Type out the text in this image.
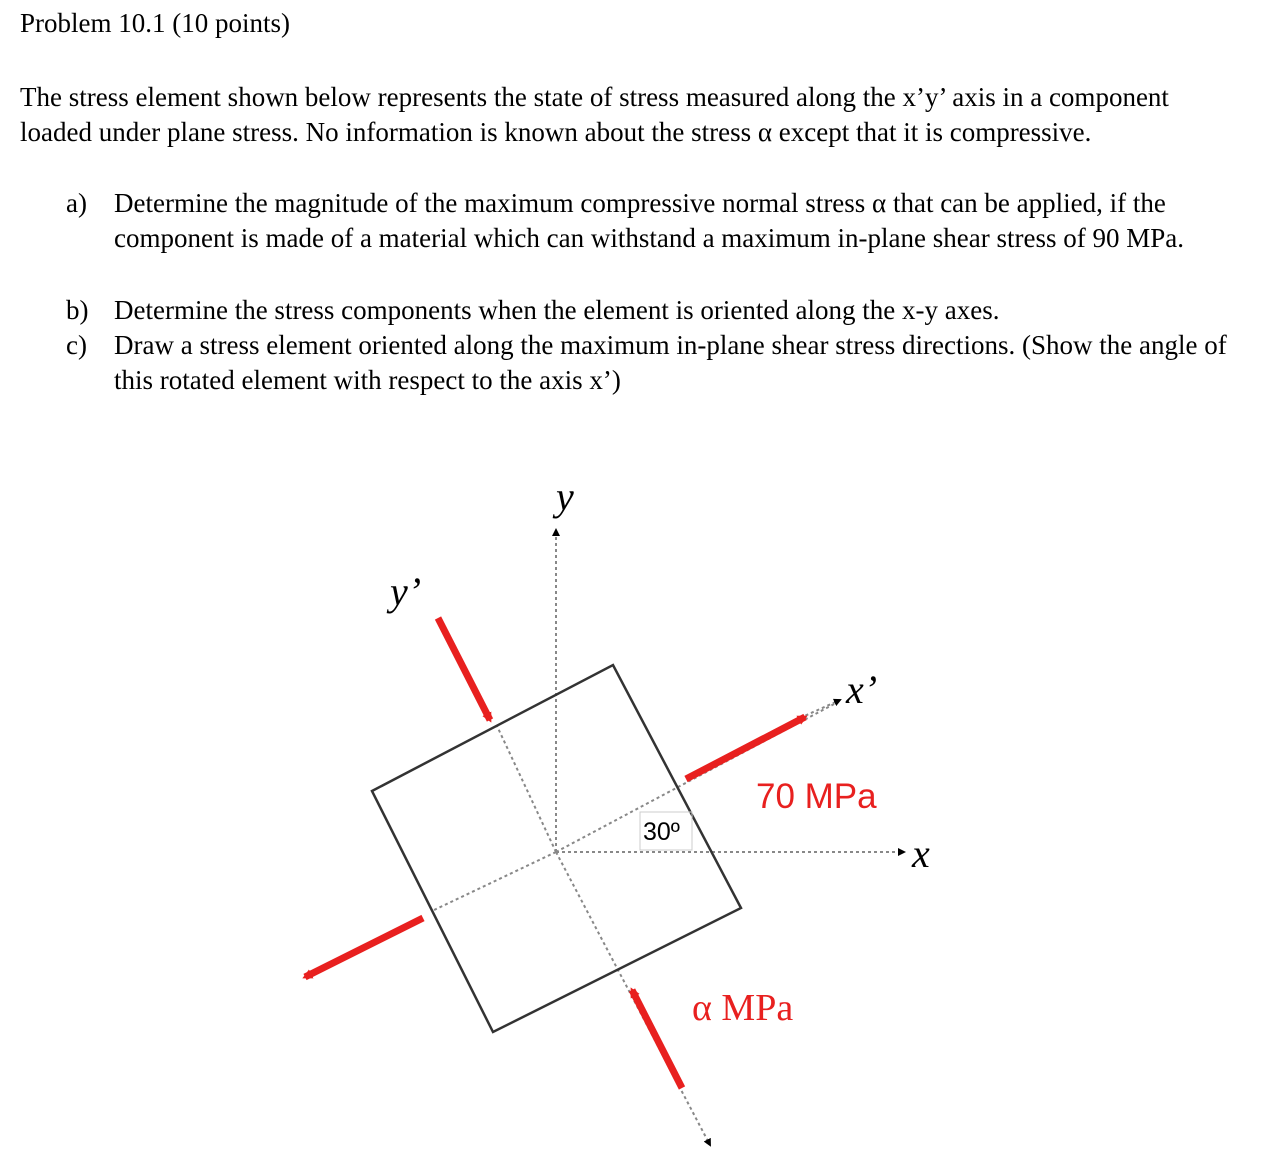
Problem 10.1 (10 points)
The stress element shown below represents the state of stress measured along the x’y’ axis in a component loaded under plane stress. No information is known about the stress α except that it is compressive.
a) Determine the magnitude of the maximum compressive normal stress α that can be applied, if the component is made of a material which can withstand a maximum in-plane shear stress of 90 MPa.
b) Determine the stress components when the element is oriented along the x-y axes.
c) Draw a stress element oriented along the maximum in-plane shear stress directions. (Show the angle of this rotated element with respect to the axis x’)
y
y’
x’
x
70 MPa
α MPa
30º
